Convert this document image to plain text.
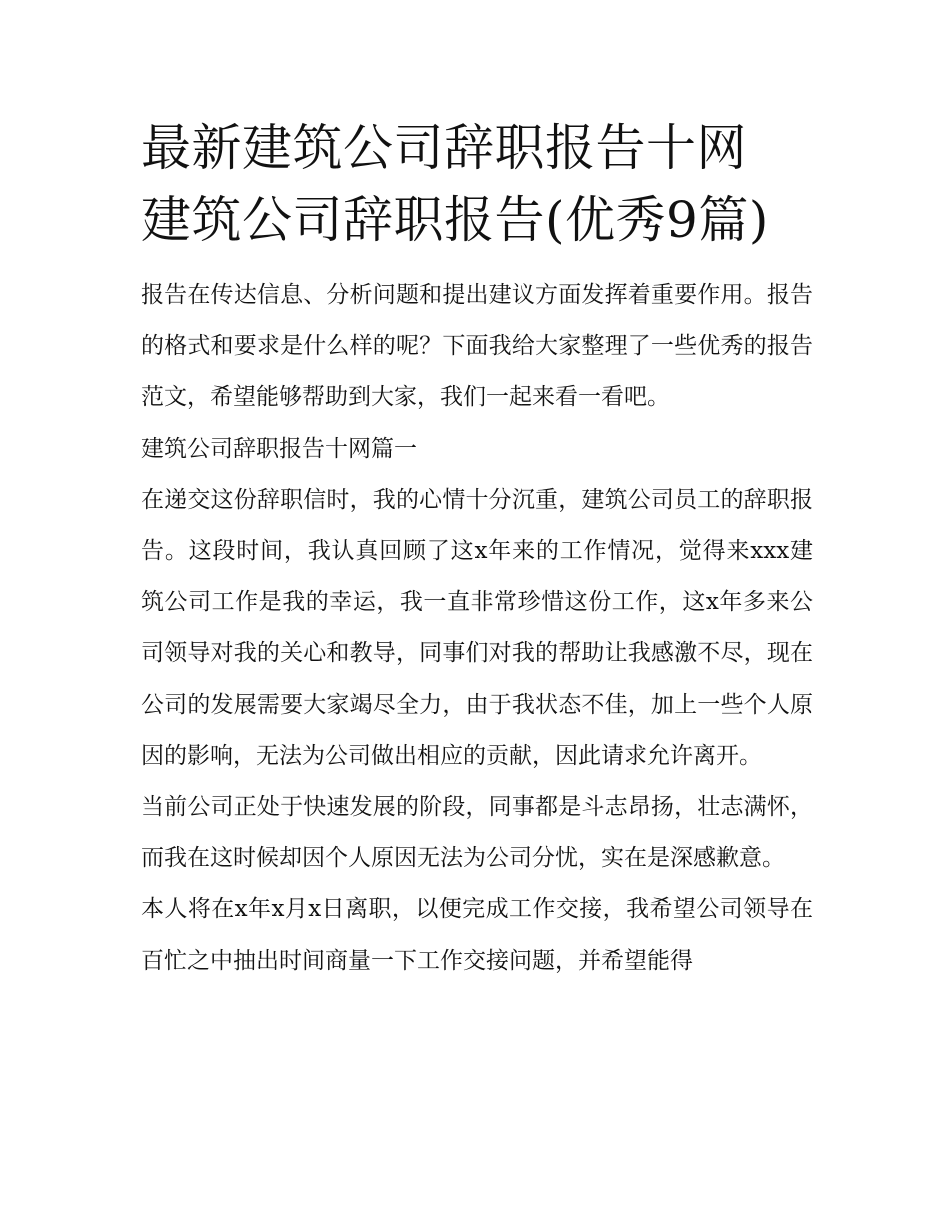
最新建筑公司辞职报告十网 建筑公司辞职报告(优秀9篇)

报告在传达信息、分析问题和提出建议方面发挥着重要作用。报告的格式和要求是什么样的呢？下面我给大家整理了一些优秀的报告范文，希望能够帮助到大家，我们一起来看一看吧。

建筑公司辞职报告十网篇一

在递交这份辞职信时，我的心情十分沉重，建筑公司员工的辞职报告。这段时间，我认真回顾了这x年来的工作情况，觉得来xxx建筑公司工作是我的幸运，我一直非常珍惜这份工作，这x年多来公司领导对我的关心和教导，同事们对我的帮助让我感激不尽，现在公司的发展需要大家竭尽全力，由于我状态不佳，加上一些个人原因的影响，无法为公司做出相应的贡献，因此请求允许离开。

当前公司正处于快速发展的阶段，同事都是斗志昂扬，壮志满怀，而我在这时候却因个人原因无法为公司分忧，实在是深感歉意。

本人将在x年x月x日离职，以便完成工作交接，我希望公司领导在百忙之中抽出时间商量一下工作交接问题，并希望能得
